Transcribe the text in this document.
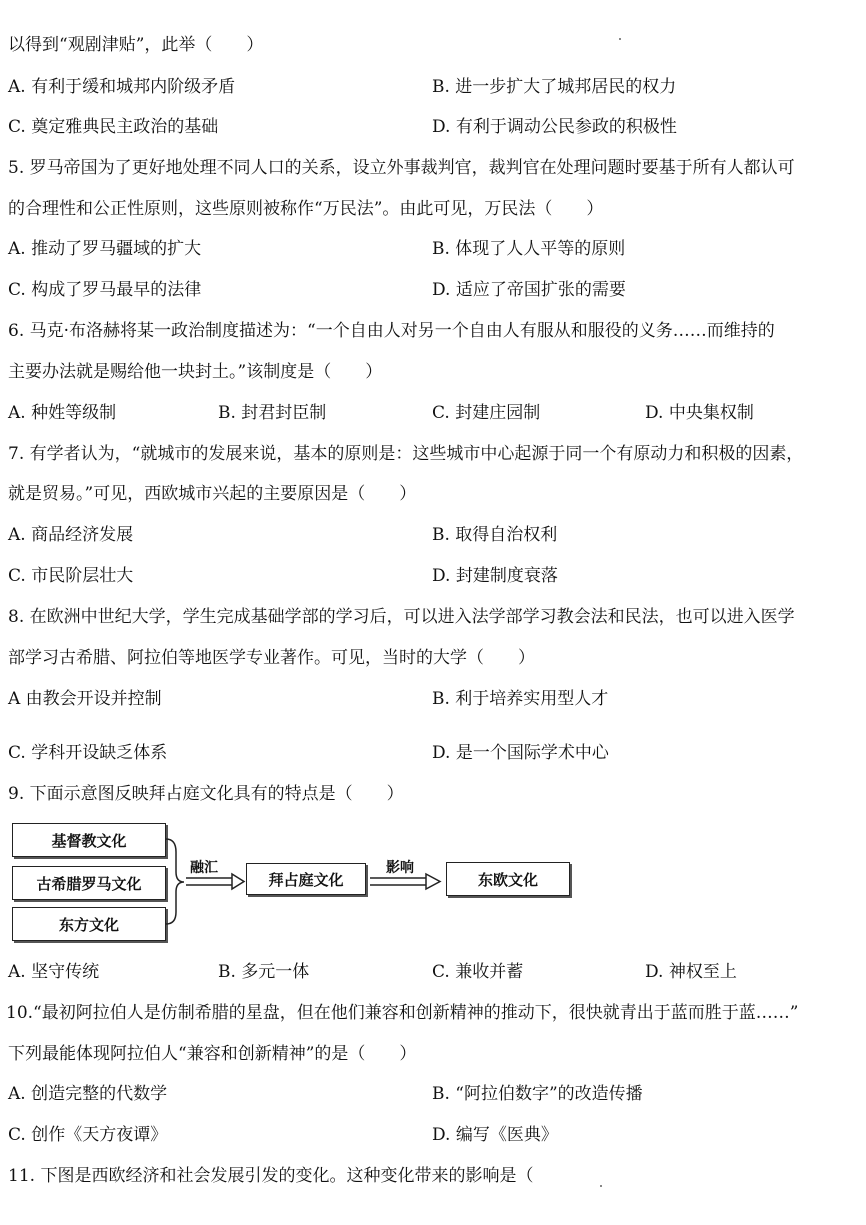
以得到“观剧津贴”，此举（　　）
A. 有利于缓和城邦内阶级矛盾	B. 进一步扩大了城邦居民的权力
C. 奠定雅典民主政治的基础	D. 有利于调动公民参政的积极性
5. 罗马帝国为了更好地处理不同人口的关系，设立外事裁判官，裁判官在处理问题时要基于所有人都认可
的合理性和公正性原则，这些原则被称作“万民法”。由此可见，万民法（　　）
A. 推动了罗马疆域的扩大	B. 体现了人人平等的原则
C. 构成了罗马最早的法律	D. 适应了帝国扩张的需要
6. 马克·布洛赫将某一政治制度描述为：“一个自由人对另一个自由人有服从和服役的义务……而维持的
主要办法就是赐给他一块封土。”该制度是（　　）
A. 种姓等级制	B. 封君封臣制	C. 封建庄园制	D. 中央集权制
7. 有学者认为，“就城市的发展来说，基本的原则是：这些城市中心起源于同一个有原动力和积极的因素，
就是贸易。”可见，西欧城市兴起的主要原因是（　　）
A. 商品经济发展	B. 取得自治权利
C. 市民阶层壮大	D. 封建制度衰落
8. 在欧洲中世纪大学，学生完成基础学部的学习后，可以进入法学部学习教会法和民法，也可以进入医学
部学习古希腊、阿拉伯等地医学专业著作。可见，当时的大学（　　）
A 由教会开设并控制	B. 利于培养实用型人才
C. 学科开设缺乏体系	D. 是一个国际学术中心
9. 下面示意图反映拜占庭文化具有的特点是（　　）
基督教文化
古希腊罗马文化
东方文化
融汇
拜占庭文化
影响
东欧文化
A. 坚守传统	B. 多元一体	C. 兼收并蓄	D. 神权至上
10.“最初阿拉伯人是仿制希腊的星盘，但在他们兼容和创新精神的推动下，很快就青出于蓝而胜于蓝……”
下列最能体现阿拉伯人“兼容和创新精神”的是（　　）
A. 创造完整的代数学	B. “阿拉伯数字”的改造传播
C. 创作《天方夜谭》	D. 编写《医典》
11. 下图是西欧经济和社会发展引发的变化。这种变化带来的影响是（
